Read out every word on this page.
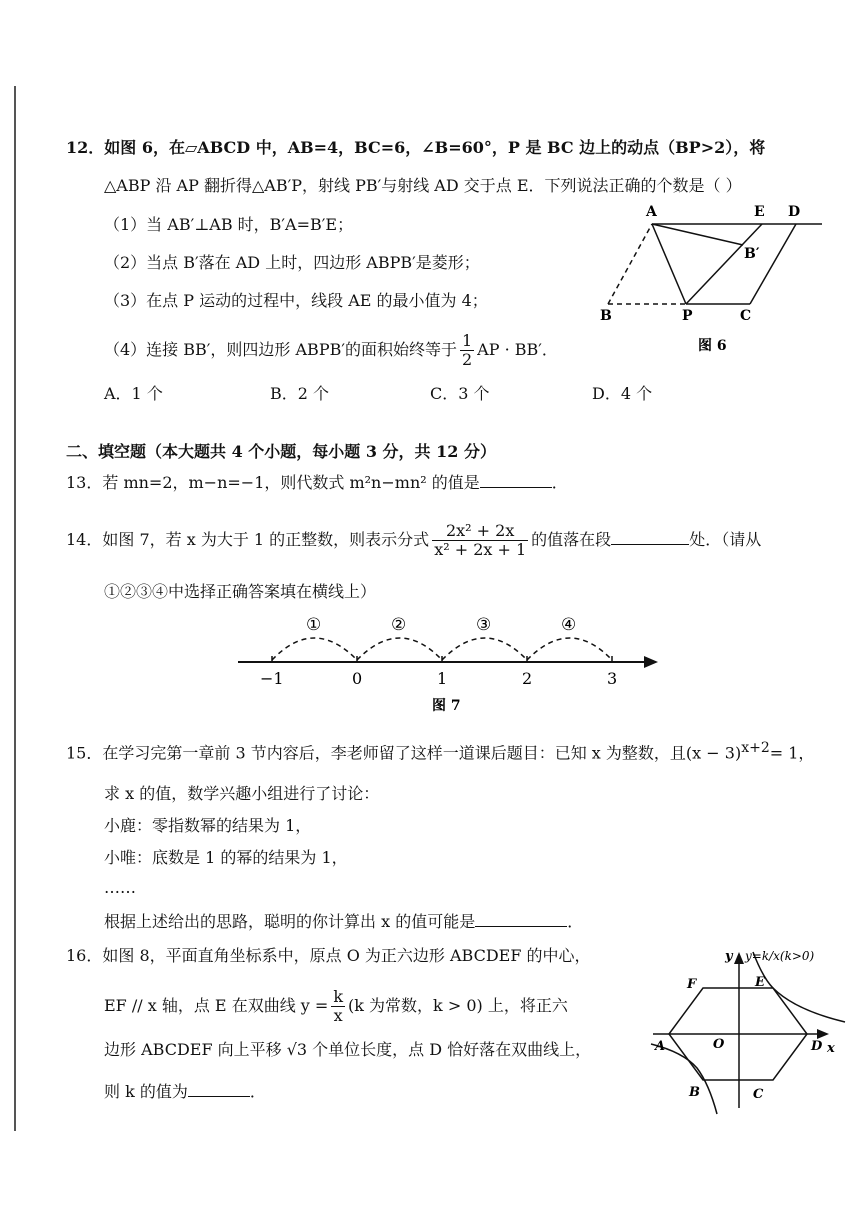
12．如图 6，在▱ABCD 中，AB=4，BC=6，∠B=60°，P 是 BC 边上的动点（BP>2），将
△ABP 沿 AP 翻折得△AB′P，射线 PB′与射线 AD 交于点 E．下列说法正确的个数是（ ）
（1）当 AB′⊥AB 时，B′A=B′E；
（2）当点 B′落在 AD 上时，四边形 ABPB′是菱形；
（3）在点 P 运动的过程中，线段 AE 的最小值为 4；
（4）连接 BB′，则四边形 ABPB′的面积始终等于 $\frac{1}{2}$ AP · BB′．
A．1 个	B．2 个	C．3 个	D．4 个
A	E D
B′
B	P	C
图 6
二、填空题（本大题共 4 个小题，每小题 3 分，共 12 分）
13．若 mn=2，m−n=−1，则代数式 m²n−mn² 的值是	．
14．如图 7，若 x 为大于 1 的正整数，则表示分式 $\frac{\text{2x² + 2x}}{\text{x² + 2x + 1}}$ 的值落在段	处．（请从
①②③④中选择正确答案填在横线上）
①	②	③	④
−1	0	1	2	3
图 7
15．在学习完第一章前 3 节内容后，李老师留了这样一道课后题目：已知 x 为整数，且$(x - 3)^{x+2}= 1$，
求 x 的值，数学兴趣小组进行了讨论：
小鹿：零指数幂的结果为 1，
小唯：底数是 1 的幂的结果为 1，
……
根据上述给出的思路，聪明的你计算出 x 的值可能是	．
16．如图 8，平面直角坐标系中，原点 O 为正六边形 ABCDEF 的中心，
EF // x 轴，点 E 在双曲线 $y = \frac{k}{x} (k$ 为常数，k > 0) 上，将正六
边形 ABCDEF 向上平移 √3 个单位长度，点 D 恰好落在双曲线上，
则 k 的值为	．
y y=k/x(k>0)
x
O
A	D
F	E
B	C
